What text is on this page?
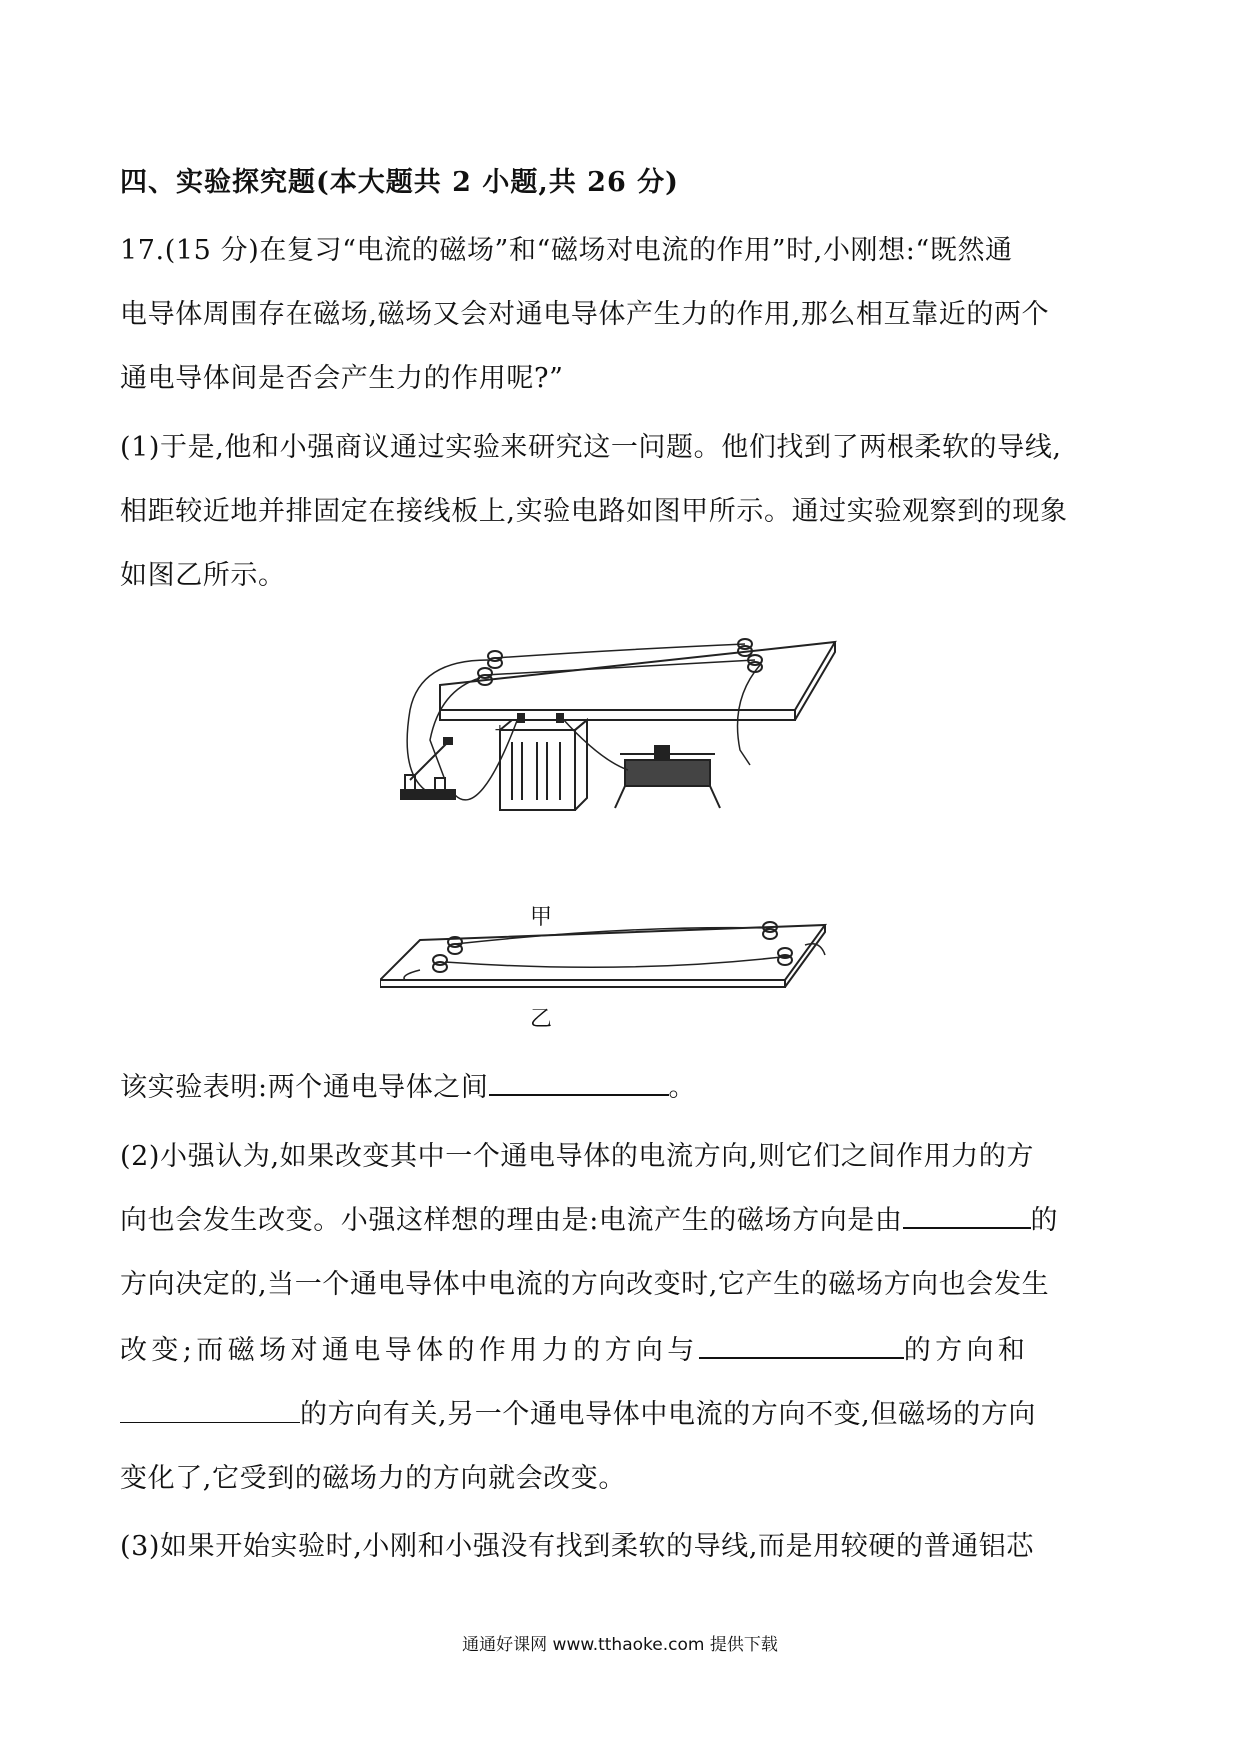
四、实验探究题(本大题共 2 小题,共 26 分)
17.(15 分)在复习“电流的磁场”和“磁场对电流的作用”时,小刚想:“既然通
电导体周围存在磁场,磁场又会对通电导体产生力的作用,那么相互靠近的两个
通电导体间是否会产生力的作用呢?”
(1)于是,他和小强商议通过实验来研究这一问题。他们找到了两根柔软的导线,
相距较近地并排固定在接线板上,实验电路如图甲所示。通过实验观察到的现象
如图乙所示。
+
−
甲
乙
该实验表明:两个通电导体之间	。
(2)小强认为,如果改变其中一个通电导体的电流方向,则它们之间作用力的方
向也会发生改变。小强这样想的理由是:电流产生的磁场方向是由	的
方向决定的,当一个通电导体中电流的方向改变时,它产生的磁场方向也会发生
改变;而磁场对通电导体的作用力的方向与	的方向和
的方向有关,另一个通电导体中电流的方向不变,但磁场的方向
变化了,它受到的磁场力的方向就会改变。
(3)如果开始实验时,小刚和小强没有找到柔软的导线,而是用较硬的普通铝芯
通通好课网 www.tthaoke.com 提供下载
